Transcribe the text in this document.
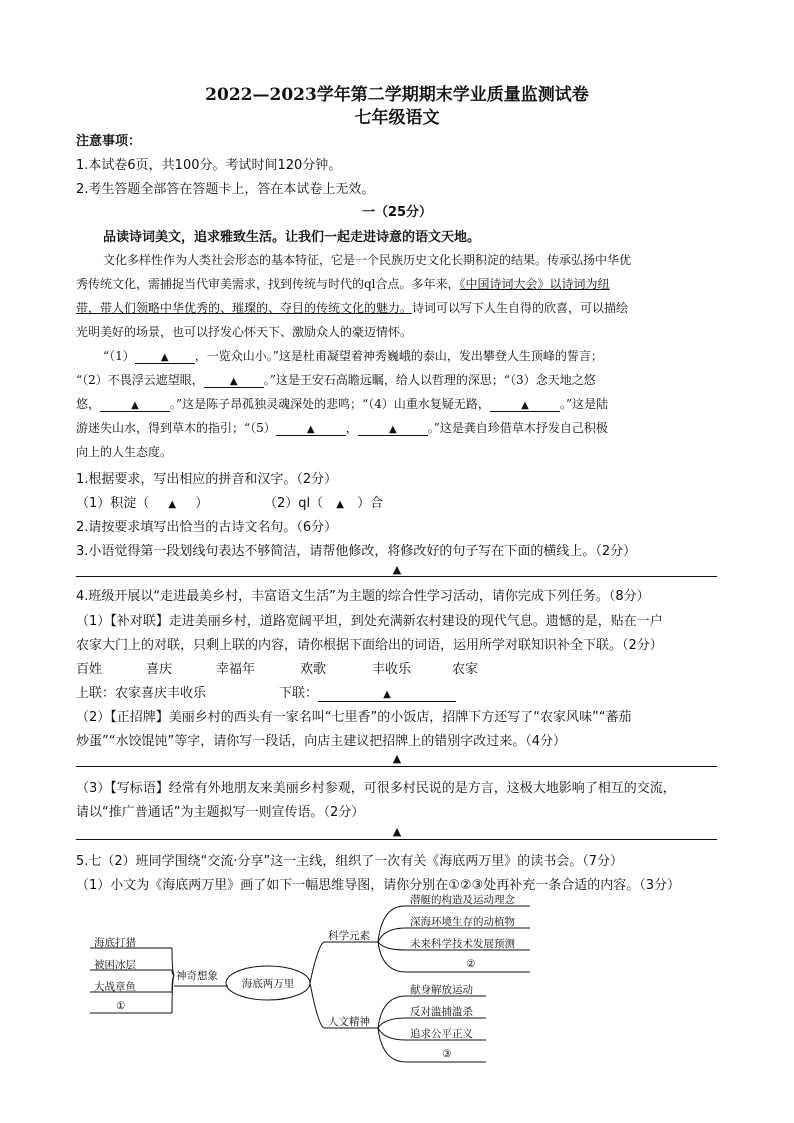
2022—2023学年第二学期期末学业质量监测试卷
七年级语文
注意事项：
1.本试卷6页，共100分。考试时间120分钟。
2.考生答题全部答在答题卡上，答在本试卷上无效。
一（25分）
品读诗词美文，追求雅致生活。让我们一起走进诗意的语文天地。
文化多样性作为人类社会形态的基本特征，它是一个民族历史文化长期积淀的结果。传承弘扬中华优
秀传统文化，需捕捉当代审美需求，找到传统与时代的ql合点。多年来，《中国诗词大会》以诗词为纽
带，带人们领略中华优秀的、璀璨的、夺目的传统文化的魅力。诗词可以写下人生自得的欣喜，可以描绘
光明美好的场景，也可以抒发心怀天下、激励众人的豪迈情怀。
“（1）	▲ ，一览众山小。”这是杜甫凝望着神秀巍峨的泰山，发出攀登人生顶峰的誓言；
“（2）不畏浮云遮望眼，	▲ 。”这是王安石高瞻远瞩，给人以哲理的深思；“（3）念天地之悠
悠，	▲	。”这是陈子昂孤独灵魂深处的悲鸣；“（4）山重水复疑无路，	▲	。”这是陆
游迷失山水，得到草木的指引；“（5）	▲	，	▲	。”这是龚自珍借草木抒发自己积极
向上的人生态度。
1.根据要求，写出相应的拼音和汉字。（2分）
（1）积淀（ ▲ ）	（2）ql（ ▲ ）合
2.请按要求填写出恰当的古诗文名句。（6分）
3.小语觉得第一段划线句表达不够简洁，请帮他修改，将修改好的句子写在下面的横线上。（2分）
▲
4.班级开展以“走进最美乡村，丰富语文生活”为主题的综合性学习活动，请你完成下列任务。（8分）
（1）【补对联】走进美丽乡村，道路宽阔平坦，到处充满新农村建设的现代气息。遗憾的是，贴在一户
农家大门上的对联，只剩上联的内容，请你根据下面给出的词语，运用所学对联知识补全下联。（2分）
百姓	喜庆	幸福年	欢歌	丰收乐	农家
上联：农家喜庆丰收乐	下联：	▲
（2）【正招牌】美丽乡村的西头有一家名叫“七里香”的小饭店，招牌下方还写了“农家风味”“蕃茄
炒蛋”“水饺馄饨”等字，请你写一段话，向店主建议把招牌上的错别字改过来。（4分）
▲
（3）【写标语】经常有外地朋友来美丽乡村参观，可很多村民说的是方言，这极大地影响了相互的交流，
请以“推广普通话”为主题拟写一则宣传语。（2分）
▲
5.七（2）班同学围绕“交流·分享”这一主线，组织了一次有关《海底两万里》的读书会。（7分）
（1）小文为《海底两万里》画了如下一幅思维导图，请你分别在①②③处再补充一条合适的内容。（3分）
海底打猎
被困冰层
大战章鱼
①
神奇想象
海底两万里
科学元素
潜艇的构造及运动理念
深海环境生存的动植物
未来科学技术发展预测
②
人文精神
献身解放运动
反对滥捕滥杀
追求公平正义
③
